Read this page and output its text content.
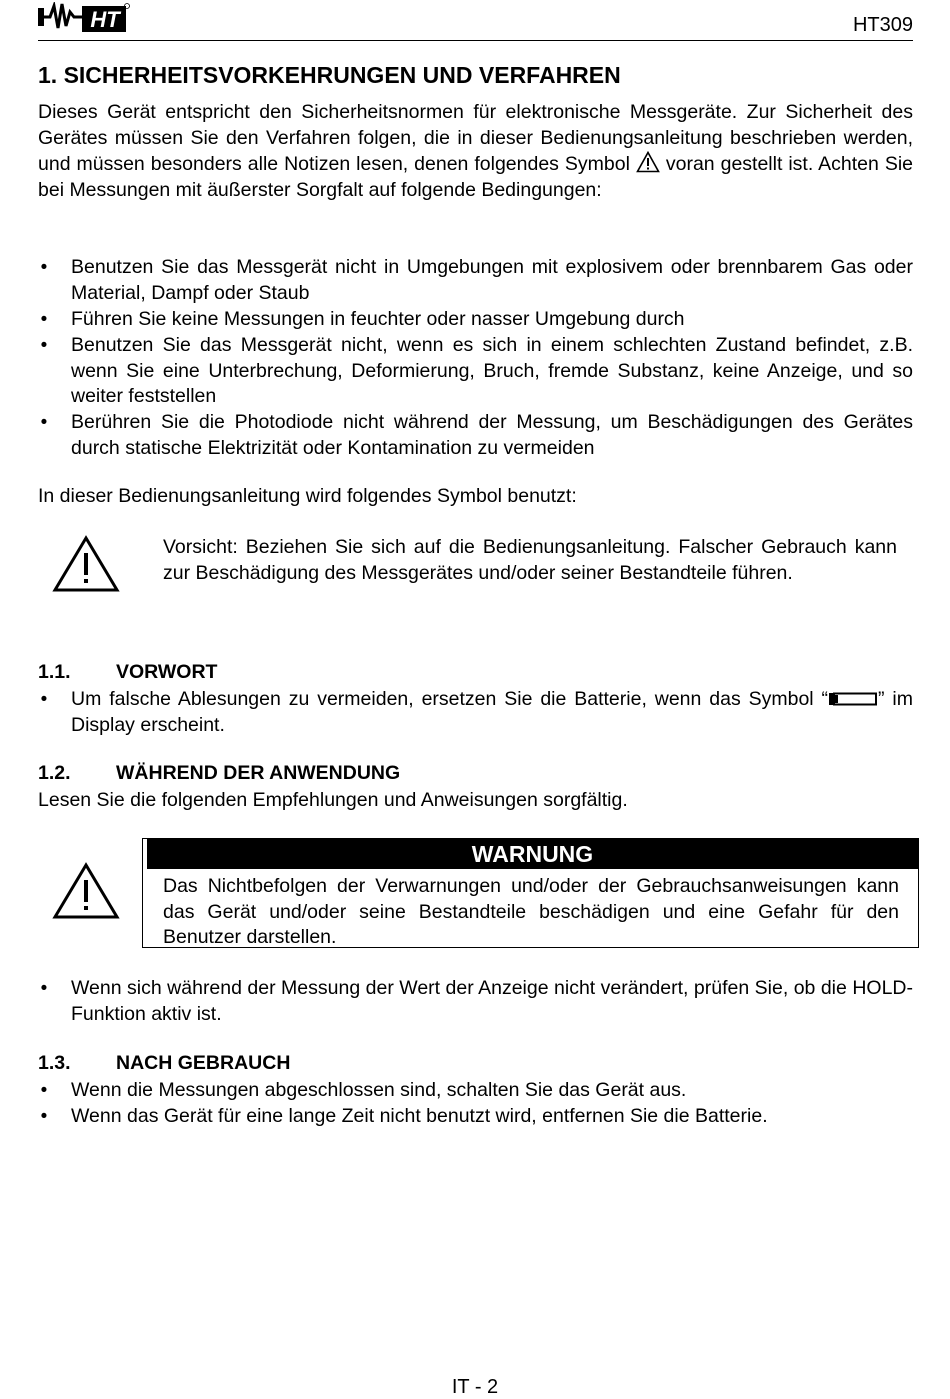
HT	HT309
1. SICHERHEITSVORKEHRUNGEN UND VERFAHREN
Dieses Gerät entspricht den Sicherheitsnormen für elektronische Messgeräte. Zur Sicherheit des Gerätes müssen Sie den Verfahren folgen, die in dieser Bedienungsanleitung beschrieben werden, und müssen besonders alle Notizen lesen, denen folgendes Symbol voran gestellt ist. Achten Sie bei Messungen mit äußerster Sorgfalt auf folgende Bedingungen:
• Benutzen Sie das Messgerät nicht in Umgebungen mit explosivem oder brennbarem Gas oder Material, Dampf oder Staub
• Führen Sie keine Messungen in feuchter oder nasser Umgebung durch
• Benutzen Sie das Messgerät nicht, wenn es sich in einem schlechten Zustand befindet, z.B. wenn Sie eine Unterbrechung, Deformierung, Bruch, fremde Substanz, keine Anzeige, und so weiter feststellen
• Berühren Sie die Photodiode nicht während der Messung, um Beschädigungen des Gerätes durch statische Elektrizität oder Kontamination zu vermeiden
In dieser Bedienungsanleitung wird folgendes Symbol benutzt:
Vorsicht: Beziehen Sie sich auf die Bedienungsanleitung. Falscher Gebrauch kann zur Beschädigung des Messgerätes und/oder seiner Bestandteile führen.
1.1. VORWORT
• Um falsche Ablesungen zu vermeiden, ersetzen Sie die Batterie, wenn das Symbol “	” im Display erscheint.
1.2. WÄHREND DER ANWENDUNG
Lesen Sie die folgenden Empfehlungen und Anweisungen sorgfältig.
WARNUNG
Das Nichtbefolgen der Verwarnungen und/oder der Gebrauchsanweisungen kann das Gerät und/oder seine Bestandteile beschädigen und eine Gefahr für den Benutzer darstellen.
• Wenn sich während der Messung der Wert der Anzeige nicht verändert, prüfen Sie, ob die HOLD-Funktion aktiv ist.
1.3. NACH GEBRAUCH
• Wenn die Messungen abgeschlossen sind, schalten Sie das Gerät aus.
• Wenn das Gerät für eine lange Zeit nicht benutzt wird, entfernen Sie die Batterie.
IT - 2
